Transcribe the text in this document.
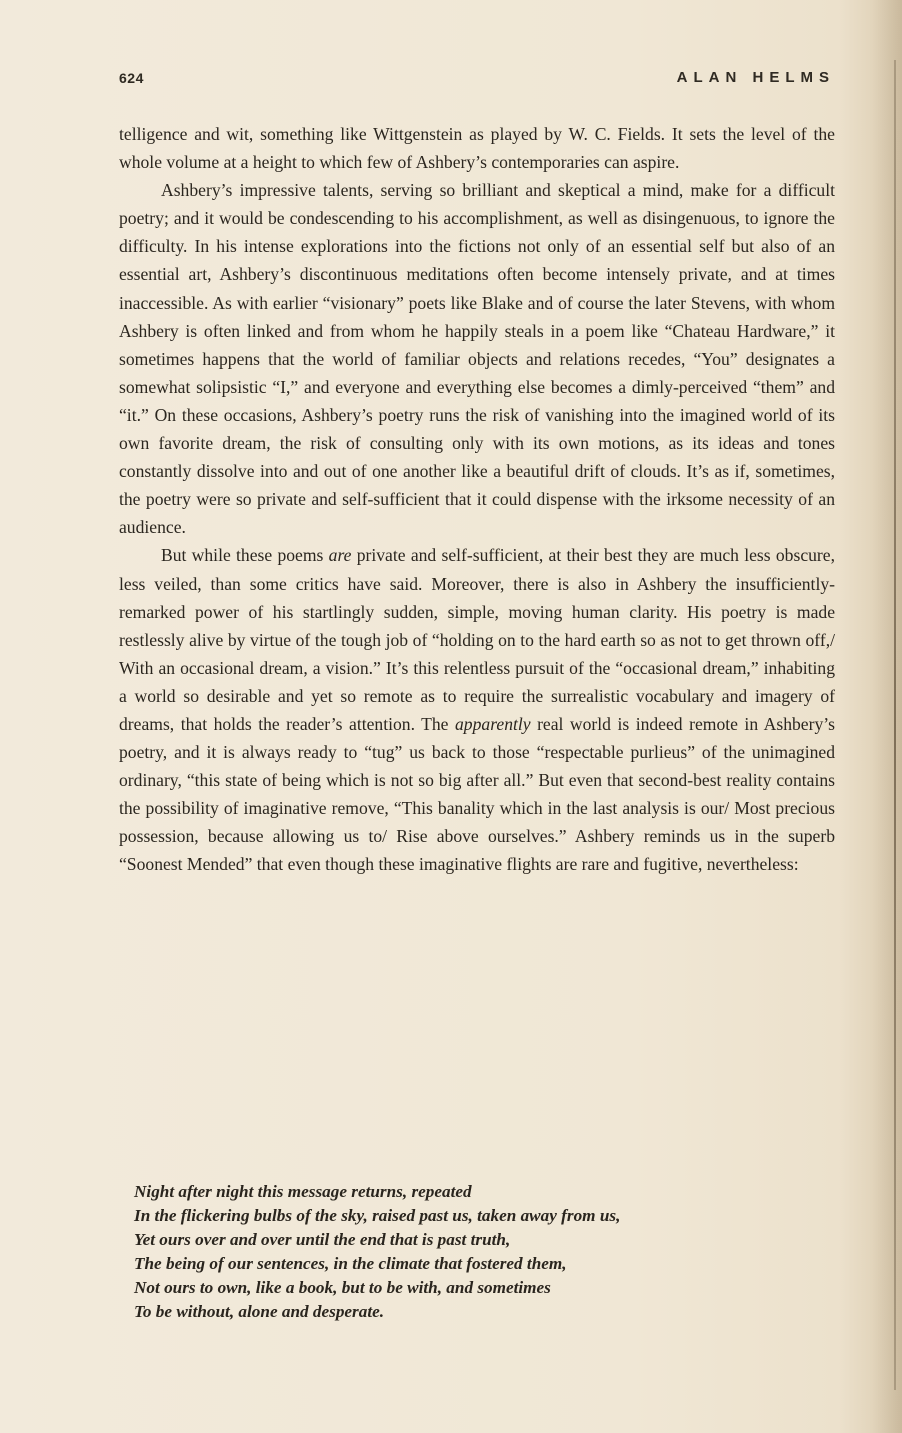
624	ALAN HELMS

telligence and wit, something like Wittgenstein as played by W. C. Fields. It sets the level of the whole volume at a height to which few of Ashbery’s contemporaries can aspire.

Ashbery’s impressive talents, serving so brilliant and skeptical a mind, make for a difficult poetry; and it would be condescending to his accomplishment, as well as disingenuous, to ignore the difficulty. In his intense explorations into the fictions not only of an essential self but also of an essential art, Ashbery’s discontinuous meditations often become intensely private, and at times inaccessible. As with earlier “visionary” poets like Blake and of course the later Stevens, with whom Ashbery is often linked and from whom he happily steals in a poem like “Chateau Hardware,” it sometimes happens that the world of familiar objects and relations recedes, “You” designates a somewhat solipsistic “I,” and everyone and everything else becomes a dimly-perceived “them” and “it.” On these occasions, Ashbery’s poetry runs the risk of vanishing into the imagined world of its own favorite dream, the risk of consulting only with its own motions, as its ideas and tones constantly dissolve into and out of one another like a beautiful drift of clouds. It’s as if, sometimes, the poetry were so private and self-sufficient that it could dispense with the irksome necessity of an audience.

But while these poems are private and self-sufficient, at their best they are much less obscure, less veiled, than some critics have said. Moreover, there is also in Ashbery the insufficiently-remarked power of his startlingly sudden, simple, moving human clarity. His poetry is made restlessly alive by virtue of the tough job of “holding on to the hard earth so as not to get thrown off,/ With an occasional dream, a vision.” It’s this relentless pursuit of the “occasional dream,” inhabiting a world so desirable and yet so remote as to require the surrealistic vocabulary and imagery of dreams, that holds the reader’s attention. The apparently real world is indeed remote in Ashbery’s poetry, and it is always ready to “tug” us back to those “respectable purlieus” of the unimagined ordinary, “this state of being which is not so big after all.” But even that second-best reality contains the possibility of imaginative remove, “This banality which in the last analysis is our/ Most precious possession, because allowing us to/ Rise above ourselves.” Ashbery reminds us in the superb “Soonest Mended” that even though these imaginative flights are rare and fugitive, nevertheless:

Night after night this message returns, repeated
In the flickering bulbs of the sky, raised past us, taken away from us,
Yet ours over and over until the end that is past truth,
The being of our sentences, in the climate that fostered them,
Not ours to own, like a book, but to be with, and sometimes
To be without, alone and desperate.
